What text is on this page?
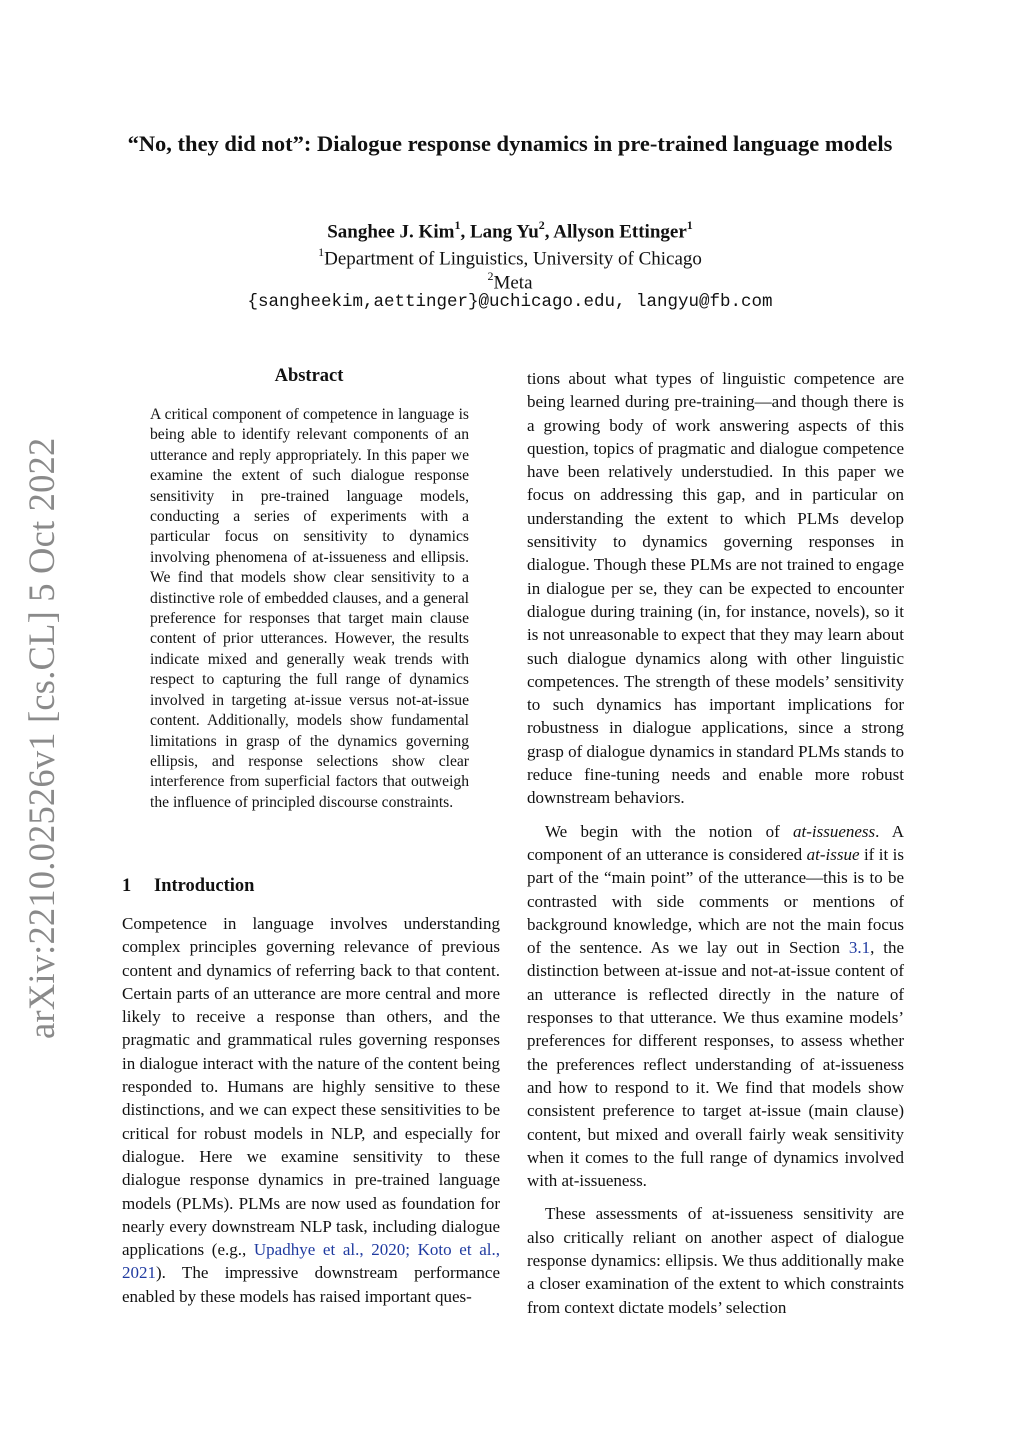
arXiv:2210.02526v1 [cs.CL] 5 Oct 2022
“No, they did not”: Dialogue response dynamics in pre-trained language models
Sanghee J. Kim$^1$, Lang Yu$^2$, Allyson Ettinger$^1$
$^1$Department of Linguistics, University of Chicago
$^2$Meta
{sangheekim,aettinger}@uchicago.edu, langyu@fb.com
Abstract
A critical component of competence in language is being able to identify relevant components of an utterance and reply appropriately. In this paper we examine the extent of such dialogue response sensitivity in pre-trained language models, conducting a series of experiments with a particular focus on sensitivity to dynamics involving phenomena of at-issueness and ellipsis. We find that models show clear sensitivity to a distinctive role of embedded clauses, and a general preference for responses that target main clause content of prior utterances. However, the results indicate mixed and generally weak trends with respect to capturing the full range of dynamics involved in targeting at-issue versus not-at-issue content. Additionally, models show fundamental limitations in grasp of the dynamics governing ellipsis, and response selections show clear interference from superficial factors that outweigh the influence of principled discourse constraints.
1 Introduction

Competence in language involves understanding complex principles governing relevance of previous content and dynamics of referring back to that content. Certain parts of an utterance are more central and more likely to receive a response than others, and the pragmatic and grammatical rules governing responses in dialogue interact with the nature of the content being responded to. Humans are highly sensitive to these distinctions, and we can expect these sensitivities to be critical for robust models in NLP, and especially for dialogue. Here we examine sensitivity to these dialogue response dynamics in pre-trained language models (PLMs). PLMs are now used as foundation for nearly every downstream NLP task, including dialogue applications (e.g., Upadhye et al., 2020; Koto et al., 2021). The impressive downstream performance enabled by these models has raised important ques-

tions about what types of linguistic competence are being learned during pre-training—and though there is a growing body of work answering aspects of this question, topics of pragmatic and dialogue competence have been relatively understudied. In this paper we focus on addressing this gap, and in particular on understanding the extent to which PLMs develop sensitivity to dynamics governing responses in dialogue. Though these PLMs are not trained to engage in dialogue per se, they can be expected to encounter dialogue during training (in, for instance, novels), so it is not unreasonable to expect that they may learn about such dialogue dynamics along with other linguistic competences. The strength of these models’ sensitivity to such dynamics has important implications for robustness in dialogue applications, since a strong grasp of dialogue dynamics in standard PLMs stands to reduce fine-tuning needs and enable more robust downstream behaviors.

We begin with the notion of at-issueness. A component of an utterance is considered at-issue if it is part of the “main point” of the utterance—this is to be contrasted with side comments or mentions of background knowledge, which are not the main focus of the sentence. As we lay out in Section 3.1, the distinction between at-issue and not-at-issue content of an utterance is reflected directly in the nature of responses to that utterance. We thus examine models’ preferences for different responses, to assess whether the preferences reflect understanding of at-issueness and how to respond to it. We find that models show consistent preference to target at-issue (main clause) content, but mixed and overall fairly weak sensitivity when it comes to the full range of dynamics involved with at-issueness.

These assessments of at-issueness sensitivity are also critically reliant on another aspect of dialogue response dynamics: ellipsis. We thus additionally make a closer examination of the extent to which constraints from context dictate models’ selection
